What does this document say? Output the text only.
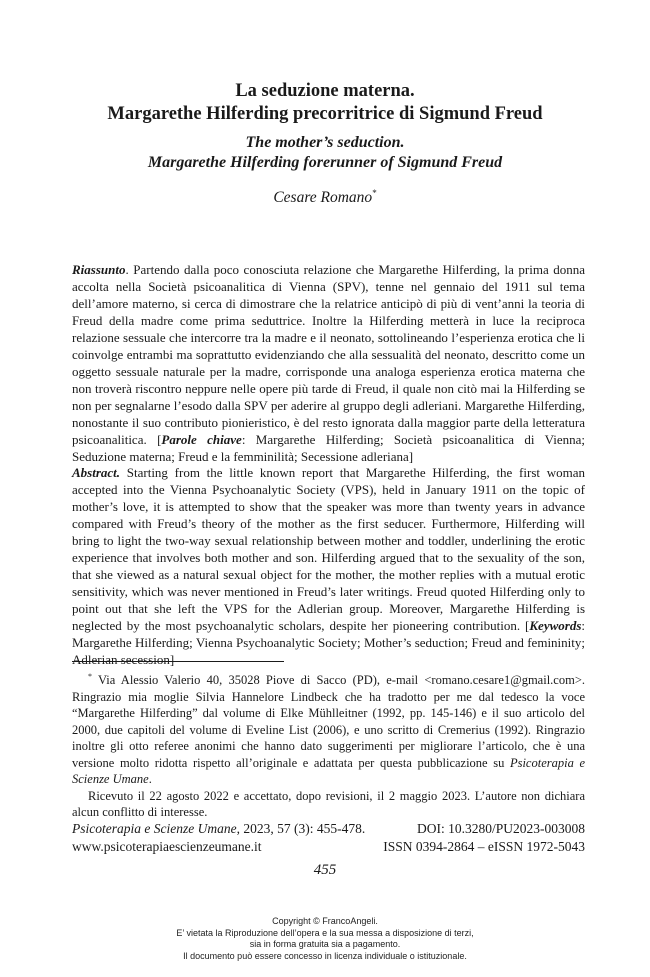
La seduzione materna.
Margarethe Hilferding precorritrice di Sigmund Freud
The mother’s seduction.
Margarethe Hilferding forerunner of Sigmund Freud
Cesare Romano*
Riassunto. Partendo dalla poco conosciuta relazione che Margarethe Hilferding, la prima donna accolta nella Società psicoanalitica di Vienna (SPV), tenne nel gennaio del 1911 sul tema dell’amore materno, si cerca di dimostrare che la relatrice anticipò di più di vent’anni la teoria di Freud della madre come prima seduttrice. Inoltre la Hilferding metterà in luce la reciproca relazione sessuale che intercorre tra la madre e il neonato, sottolineando l’esperienza erotica che li coinvolge entrambi ma soprattutto evidenziando che alla sessualità del neonato, descritto come un oggetto sessuale naturale per la madre, corrisponde una analoga esperienza erotica materna che non troverà riscontro neppure nelle opere più tarde di Freud, il quale non citò mai la Hilferding se non per segnalarne l’esodo dalla SPV per aderire al gruppo degli adleriani. Margarethe Hilferding, nonostante il suo contributo pionieristico, è del resto ignorata dalla maggior parte della letteratura psicoanalitica. [Parole chiave: Margarethe Hilferding; Società psicoanalitica di Vienna; Seduzione materna; Freud e la femminilità; Secessione adleriana]
Abstract. Starting from the little known report that Margarethe Hilferding, the first woman accepted into the Vienna Psychoanalytic Society (VPS), held in January 1911 on the topic of mother’s love, it is attempted to show that the speaker was more than twenty years in advance compared with Freud’s theory of the mother as the first seducer. Furthermore, Hilferding will bring to light the two-way sexual relationship between mother and toddler, underlining the erotic experience that involves both mother and son. Hilferding argued that to the sexuality of the son, that she viewed as a natural sexual object for the mother, the mother replies with a mutual erotic sensitivity, which was never mentioned in Freud’s later writings. Freud quoted Hilferding only to point out that she left the VPS for the Adlerian group. Moreover, Margarethe Hilferding is neglected by the most psychoanalytic scholars, despite her pioneering contribution. [Keywords: Margarethe Hilferding; Vienna Psychoanalytic Society; Mother’s seduction; Freud and femininity; Adlerian secession]

* Via Alessio Valerio 40, 35028 Piove di Sacco (PD), e-mail <romano.cesare1@gmail.com>. Ringrazio mia moglie Silvia Hannelore Lindbeck che ha tradotto per me dal tedesco la voce “Margarethe Hilferding” dal volume di Elke Mühlleitner (1992, pp. 145-146) e il suo articolo del 2000, due capitoli del volume di Eveline List (2006), e uno scritto di Cremerius (1992). Ringrazio inoltre gli otto referee anonimi che hanno dato suggerimenti per migliorare l’articolo, che è una versione molto ridotta rispetto all’originale e adattata per questa pubblicazione su Psicoterapia e Scienze Umane.

Ricevuto il 22 agosto 2022 e accettato, dopo revisioni, il 2 maggio 2023. L’autore non dichiara alcun conflitto di interesse.

Psicoterapia e Scienze Umane, 2023, 57 (3): 455-478.	DOI: 10.3280/PU2023-003008
www.psicoterapiaescienzeumane.it	ISSN 0394-2864 – eISSN 1972-5043
455
Copyright © FrancoAngeli.
E’ vietata la Riproduzione dell’opera e la sua messa a disposizione di terzi,
sia in forma gratuita sia a pagamento.
Il documento può essere concesso in licenza individuale o istituzionale.
